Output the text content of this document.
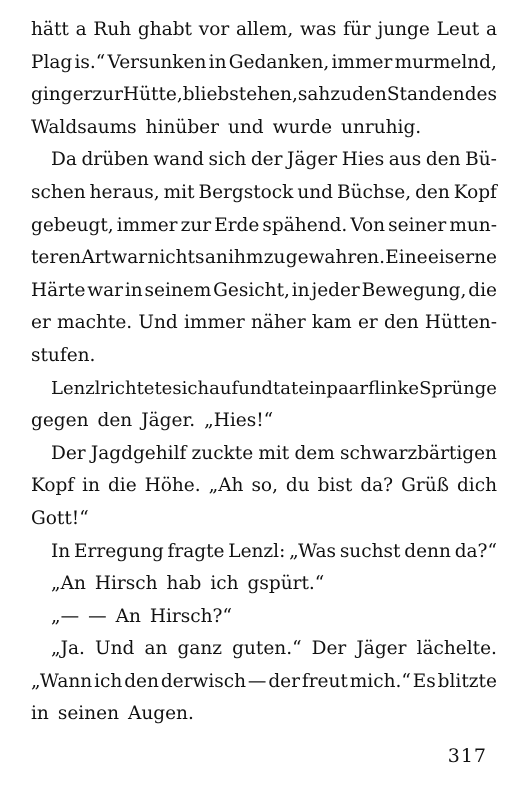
hätt a Ruh ghabt vor allem, was für junge Leut a
Plag is.“ Versunken in Gedanken, immer murmelnd,
ging er zur Hütte, blieb stehen, sah zu den Standen des
Waldsaums hinüber und wurde unruhig.
Da drüben wand sich der Jäger Hies aus den Bü-
schen heraus, mit Bergstock und Büchse, den Kopf
gebeugt, immer zur Erde spähend. Von seiner mun-
teren Art war nichts an ihm zu gewahren. Eine eiserne
Härte war in seinem Gesicht, in jeder Bewegung, die
er machte. Und immer näher kam er den Hütten-
stufen.
Lenzl richtete sich auf und tat ein paar flinke Sprünge
gegen den Jäger. „Hies!“
Der Jagdgehilf zuckte mit dem schwarzbärtigen
Kopf in die Höhe. „Ah so, du bist da? Grüß dich
Gott!“
In Erregung fragte Lenzl: „Was suchst denn da?“
„An Hirsch hab ich gspürt.“
„— — An Hirsch?“
„Ja. Und an ganz guten.“ Der Jäger lächelte.
„Wann ich den derwisch — der freut mich.“ Es blitzte
in seinen Augen.
317
